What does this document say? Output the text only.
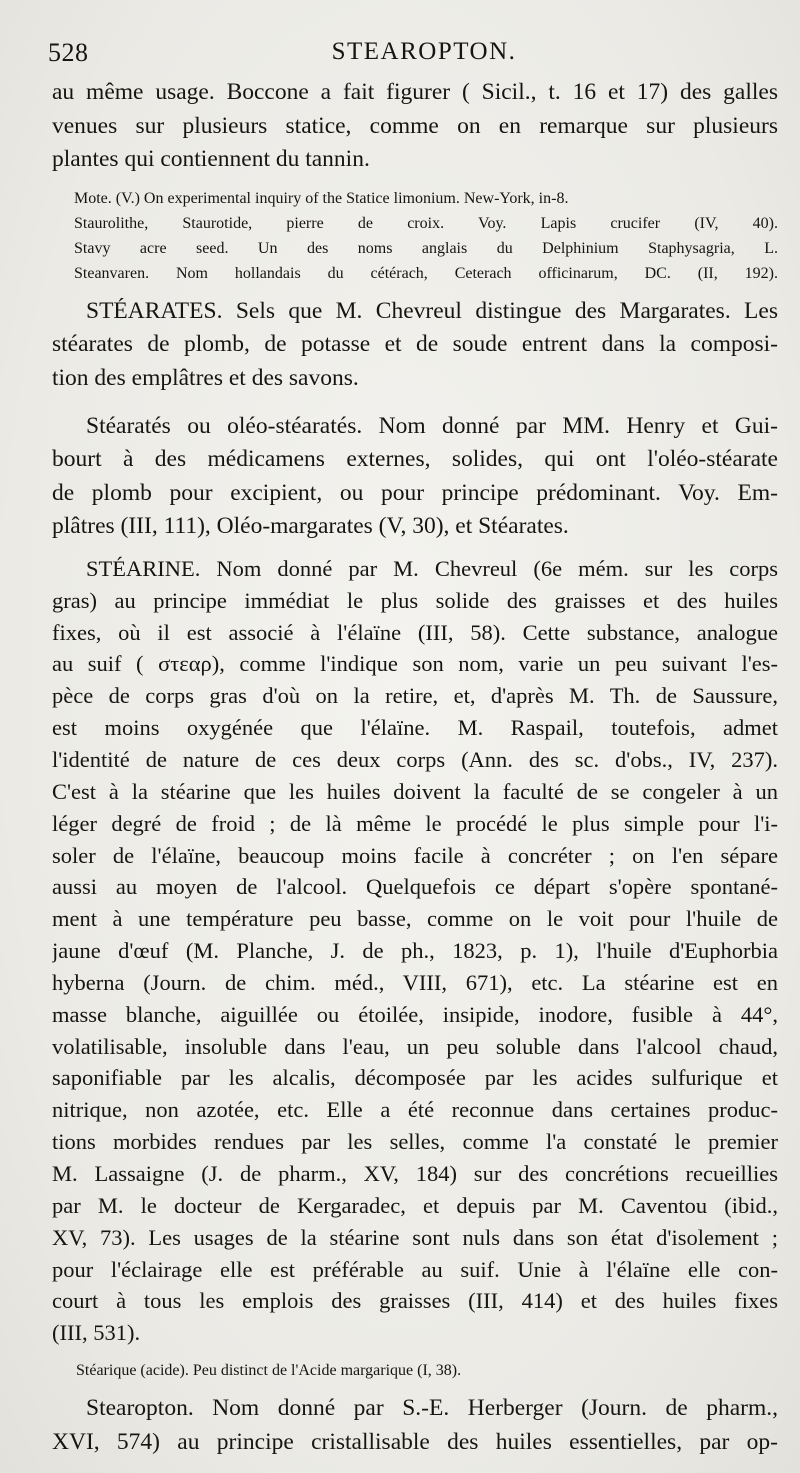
528	STEAROPTON.
au même usage. Boccone a fait figurer ( Sicil., t. 16 et 17) des galles
venues sur plusieurs statice, comme on en remarque sur plusieurs
plantes qui contiennent du tannin.
Mote. (V.) On experimental inquiry of the Statice limonium. New-York, in-8.
Staurolithe, Staurotide, pierre de croix. Voy. Lapis crucifer (IV, 40).
Stavy acre seed. Un des noms anglais du Delphinium Staphysagria, L.
Steanvaren. Nom hollandais du cétérach, Ceterach officinarum, DC. (II, 192).
STÉARATES. Sels que M. Chevreul distingue des Margarates. Les
stéarates de plomb, de potasse et de soude entrent dans la composi-
tion des emplâtres et des savons.
Stéaratés ou oléo-stéaratés. Nom donné par MM. Henry et Gui-
bourt à des médicamens externes, solides, qui ont l'oléo-stéarate
de plomb pour excipient, ou pour principe prédominant. Voy. Em-
plâtres (III, 111), Oléo-margarates (V, 30), et Stéarates.
STÉARINE. Nom donné par M. Chevreul (6e mém. sur les corps
gras) au principe immédiat le plus solide des graisses et des huiles
fixes, où il est associé à l'élaïne (III, 58). Cette substance, analogue
au suif ( στεαρ), comme l'indique son nom, varie un peu suivant l'es-
pèce de corps gras d'où on la retire, et, d'après M. Th. de Saussure,
est moins oxygénée que l'élaïne. M. Raspail, toutefois, admet
l'identité de nature de ces deux corps (Ann. des sc. d'obs., IV, 237).
C'est à la stéarine que les huiles doivent la faculté de se congeler à un
léger degré de froid ; de là même le procédé le plus simple pour l'i-
soler de l'élaïne, beaucoup moins facile à concréter ; on l'en sépare
aussi au moyen de l'alcool. Quelquefois ce départ s'opère spontané-
ment à une température peu basse, comme on le voit pour l'huile de
jaune d'œuf (M. Planche, J. de ph., 1823, p. 1), l'huile d'Euphorbia
hyberna (Journ. de chim. méd., VIII, 671), etc. La stéarine est en
masse blanche, aiguillée ou étoilée, insipide, inodore, fusible à 44°,
volatilisable, insoluble dans l'eau, un peu soluble dans l'alcool chaud,
saponifiable par les alcalis, décomposée par les acides sulfurique et
nitrique, non azotée, etc. Elle a été reconnue dans certaines produc-
tions morbides rendues par les selles, comme l'a constaté le premier
M. Lassaigne (J. de pharm., XV, 184) sur des concrétions recueillies
par M. le docteur de Kergaradec, et depuis par M. Caventou (ibid.,
XV, 73). Les usages de la stéarine sont nuls dans son état d'isolement ;
pour l'éclairage elle est préférable au suif. Unie à l'élaïne elle con-
court à tous les emplois des graisses (III, 414) et des huiles fixes
(III, 531).
Stéarique (acide). Peu distinct de l'Acide margarique (I, 38).
Stearopton. Nom donné par S.-E. Herberger (Journ. de pharm.,
XVI, 574) au principe cristallisable des huiles essentielles, par op-
